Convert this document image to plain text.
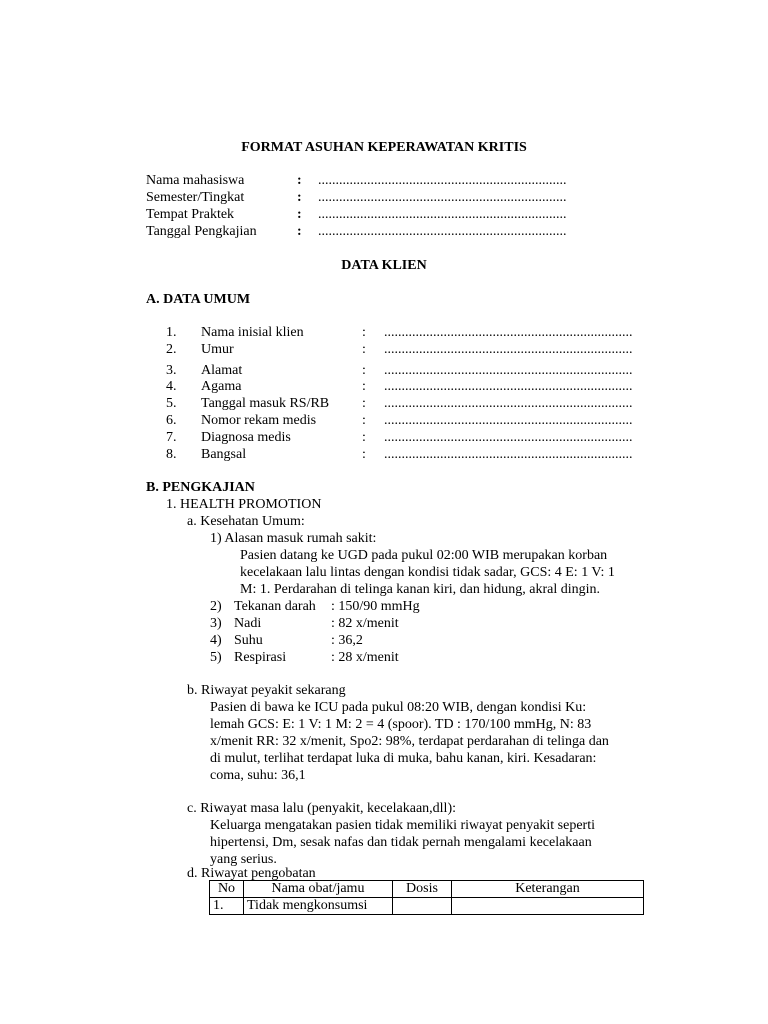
FORMAT ASUHAN KEPERAWATAN KRITIS
Nama mahasiswa	: .......................................................................
Semester/Tingkat	: .......................................................................
Tempat Praktek	: .......................................................................
Tanggal Pengkajian	: .......................................................................
DATA KLIEN
A. DATA UMUM
1. Nama inisial klien	: .......................................................................
2. Umur	: .......................................................................
3. Alamat	: .......................................................................
4. Agama	: .......................................................................
5. Tanggal masuk RS/RB : .......................................................................
6. Nomor rekam medis	: .......................................................................
7. Diagnosa medis	: .......................................................................
8. Bangsal	: .......................................................................
B. PENGKAJIAN
1. HEALTH PROMOTION
a. Kesehatan Umum:
1) Alasan masuk rumah sakit:
Pasien datang ke UGD pada pukul 02:00 WIB merupakan korban
kecelakaan lalu lintas dengan kondisi tidak sadar, GCS: 4 E: 1 V: 1
M: 1. Perdarahan di telinga kanan kiri, dan hidung, akral dingin.
2) Tekanan darah : 150/90 mmHg
3) Nadi	: 82 x/menit
4) Suhu	: 36,2
5) Respirasi	: 28 x/menit
b. Riwayat peyakit sekarang
Pasien di bawa ke ICU pada pukul 08:20 WIB, dengan kondisi Ku:
lemah GCS: E: 1 V: 1 M: 2 = 4 (spoor). TD : 170/100 mmHg, N: 83
x/menit RR: 32 x/menit, Spo2: 98%, terdapat perdarahan di telinga dan
di mulut, terlihat terdapat luka di muka, bahu kanan, kiri. Kesadaran:
coma, suhu: 36,1
c. Riwayat masa lalu (penyakit, kecelakaan,dll):
Keluarga mengatakan pasien tidak memiliki riwayat penyakit seperti
hipertensi, Dm, sesak nafas dan tidak pernah mengalami kecelakaan
yang serius.
d. Riwayat pengobatan
No	Nama obat/jamu	Dosis	Keterangan
1.	Tidak mengkonsumsi		
